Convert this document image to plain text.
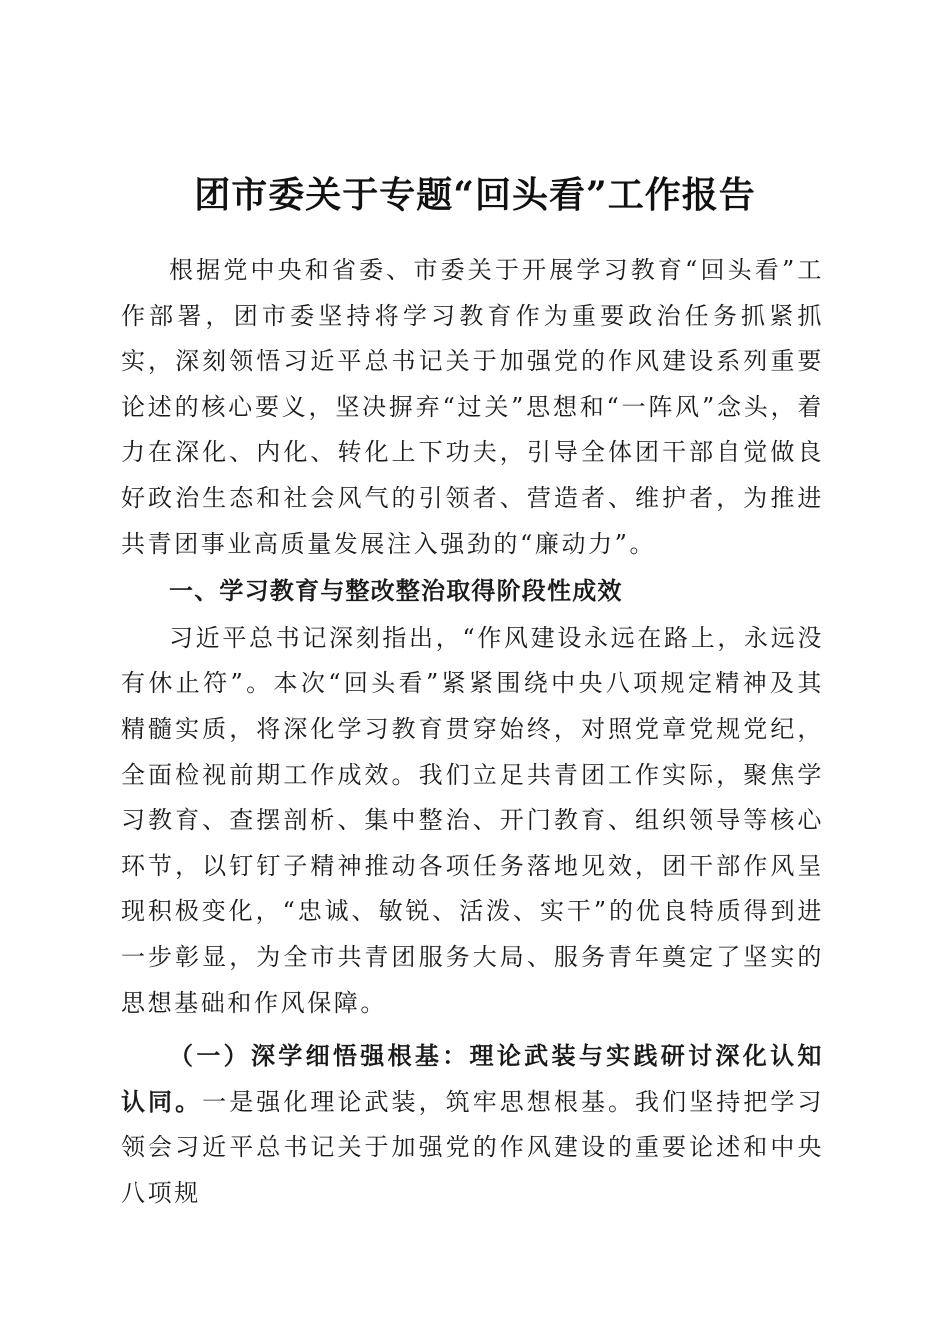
团市委关于专题“回头看”工作报告

根据党中央和省委、市委关于开展学习教育“回头看”工作部署，团市委坚持将学习教育作为重要政治任务抓紧抓实，深刻领悟习近平总书记关于加强党的作风建设系列重要论述的核心要义，坚决摒弃“过关”思想和“一阵风”念头，着力在深化、内化、转化上下功夫，引导全体团干部自觉做良好政治生态和社会风气的引领者、营造者、维护者，为推进共青团事业高质量发展注入强劲的“廉动力”。

一、学习教育与整改整治取得阶段性成效

习近平总书记深刻指出，“作风建设永远在路上，永远没有休止符”。本次“回头看”紧紧围绕中央八项规定精神及其精髓实质，将深化学习教育贯穿始终，对照党章党规党纪，全面检视前期工作成效。我们立足共青团工作实际，聚焦学习教育、查摆剖析、集中整治、开门教育、组织领导等核心环节，以钉钉子精神推动各项任务落地见效，团干部作风呈现积极变化，“忠诚、敏锐、活泼、实干”的优良特质得到进一步彰显，为全市共青团服务大局、服务青年奠定了坚实的思想基础和作风保障。

（一）深学细悟强根基：理论武装与实践研讨深化认知认同。一是强化理论武装，筑牢思想根基。我们坚持把学习领会习近平总书记关于加强党的作风建设的重要论述和中央八项规
